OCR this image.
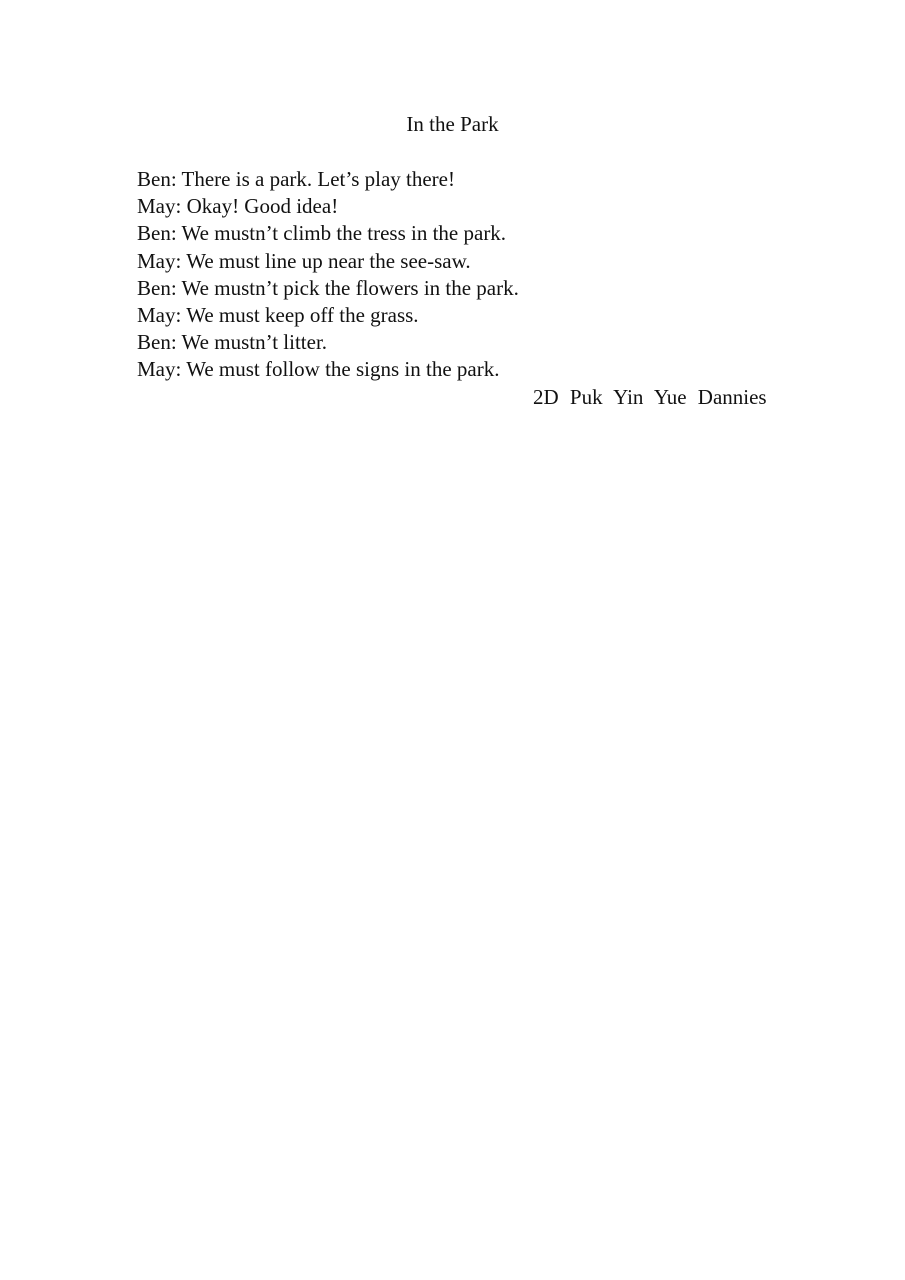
In the Park
Ben: There is a park. Let’s play there!
May: Okay! Good idea!
Ben: We mustn’t climb the tress in the park.
May: We must line up near the see-saw.
Ben: We mustn’t pick the flowers in the park.
May: We must keep off the grass.
Ben: We mustn’t litter.
May: We must follow the signs in the park.
2D Puk Yin Yue Dannies
